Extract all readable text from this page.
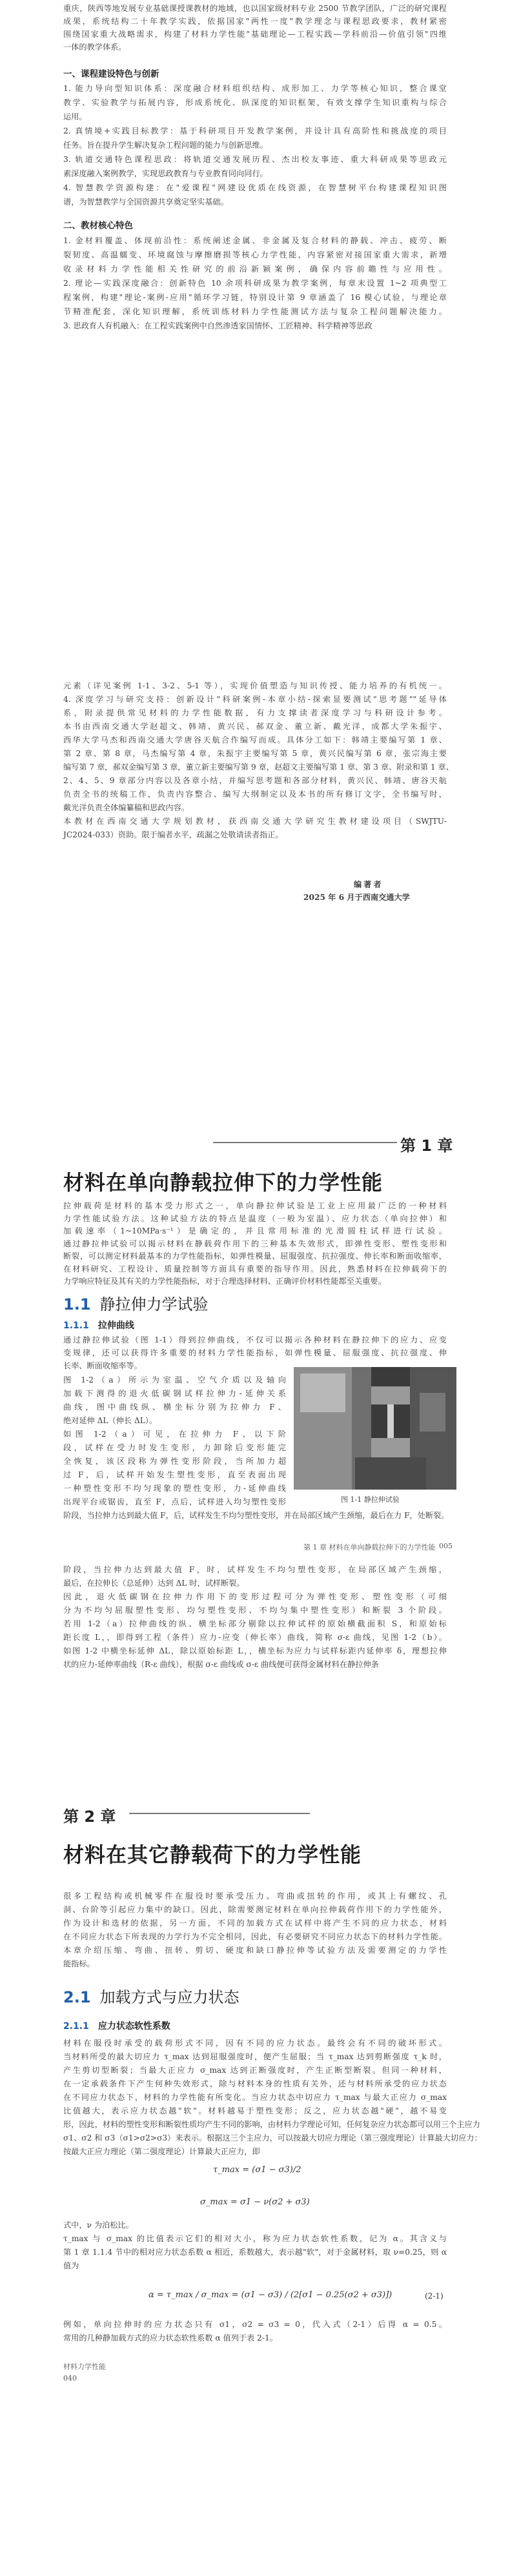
重庆，陕西等地发展专业基础课授课教材的地域，也以国家级材料专业 2500 节教学团队，广泛的研究课程
成果，系统结构二十年教学实践，依据国家"两性一度"教学理念与课程思政要求，教材紧密
围绕国家重大战略需求，构建了材料力学性能"基础理论—工程实践—学科前沿—价值引领"四维
一体的教学体系。
一、课程建设特色与创新
1. 能力导向型知识体系：深度融合材料组织结构、成形加工、力学等核心知识，整合课堂
教学、实验教学与拓展内容，形成系统化、纵深度的知识框架，有效支撑学生知识重构与综合
运用。
2. 真情境+实践目标教学：基于科研项目开发教学案例，并设计具有高阶性和挑战度的项目
任务。旨在提升学生解决复杂工程问题的能力与创新思维。
3. 轨道交通特色课程思政：将轨道交通发展历程、杰出校友事迹、重大科研成果等思政元
素深度融入案例教学，实现思政教育与专业教育同向同行。
4. 智慧教学资源构建：在"爱课程"网建设优质在线资源，在智慧树平台构建课程知识图
谱，为智慧教学与全国资源共享奠定坚实基础。
二、教材核心特色
1. 金材料覆盖、体现前沿性：系统阐述金属、非金属及复合材料的静载、冲击、疲劳、断
裂韧度、高温蠕变、环境腐蚀与摩擦磨损等核心力学性能，内容紧密对接国家重大需求，新增
收录材料力学性能相关性研究的前沿新颖案例，确保内容前瞻性与应用性。
2. 理论—实践深度融合：创新特色 10 余项科研成果为教学案例，每章末设置 1~2 项典型工
程案例，构建"理论-案例-应用"循环学习链，特别设计第 9 章涵盖了 16 模心试验，与理论章
节精准配套，深化知识理解，系统训练材料力学性能测试方法与复杂工程问题解决能力。
3. 思政育人有机融入：在工程实践案例中自然渗透家国情怀、工匠精神、科学精神等思政
元素（详见案例 1-1、3-2、5-1 等），实现价值塑造与知识传授、能力培养的有机统一。
4. 深度学习与研究支持：创新设计"科研案例-本章小结-探索显要测试"思考题""延导体
系，附录提供常见材料的力学性能数据，有力支撑读者深度学习与科研设计参考。
本书由西南交通大学赵超文、韩靖、黄兴民、郝双金、董立新、戴光洋，成都大学朱振宇、
西华大学马杰和西南交通大学唐谷天航合作编写而成。具体分工如下：韩靖主要编写第 1 章、
第 2 章、第 8 章，马杰编写第 4 章，朱振宇主要编写第 5 章，黄兴民编写第 6 章，张宗海主要
编写第 7 章，郝双金编写第 3 章，董立新主要编写第 9 章，赵超文主要编写第 1 章、第 3 章、附录和第 1 章、
2、4、5、9 章部分内容以及各章小结，并编写思考题和各部分材料，黄兴民、韩靖、唐谷天航
负责全书的统稿工作，负责内容整合、编写大纲制定以及本书的所有修订文字，全书编写时，
戴光洋负责全体编纂稿和思政内容。
本教材在西南交通大学规划教材，获西南交通大学研究生教材建设项目（SWJTU-
JC2024-033）资助。限于编者水平，疏漏之处敬请读者指正。
编著者
2025 年 6 月于西南交通大学
第 1 章
材料在单向静载拉伸下的力学性能
拉伸载荷是材料的基本受力形式之一，单向静拉伸试验是工业上应用最广泛的一种材料
力学性能试验方法。这种试验方法的特点是温度（一般为室温）、应力状态（单向拉伸）和
加载速率（1~10MPa·s⁻¹）是确定的，并且常用标准的光滑圆柱试样进行试验。
通过静拉伸试验可以揭示材料在静载荷作用下的三种基本失效形式，即弹性变形、塑性变形和
断裂，可以测定材料最基本的力学性能指标，如弹性模量、屈服强度、抗拉强度、伸长率和断面收缩率，
在材料研究、工程设计、质量控制等方面具有重要的指导作用。因此，熟悉材料在拉伸载荷下的
力学响应特征及其有关的力学性能指标，对于合理选择材料、正确评价材料性能都至关重要。
1.1 静拉伸力学试验
1.1.1 拉伸曲线
通过静拉伸试验（图 1-1）得到拉伸曲线，不仅可以揭示各种材料在静拉伸下的应力、应变
变规律，还可以获得许多重要的材料力学性能指标，如弹性模量、屈服强度、抗拉强度、伸
长率、断面收缩率等。
图 1-2（a）所示为室温、空气介质以及轴向
加载下测得的退火低碳钢试样拉伸力-延伸关系
曲线，图中曲线纵、横坐标分别为拉伸力 F、
绝对延伸 ΔL（伸长 ΔL）。
如图 1-2（a）可见，在拉伸力 F、以下阶
段，试样在受力时发生变形，力卸除后变形能完
全恢复，该区段称为弹性变形阶段，当所加力超
过 F，后，试样开始发生塑性变形，直至表面出现
一种塑性变形不均匀现象的塑性变形，力-延伸曲线
出现平台或锯齿，直至 F，点后，试样进入均匀塑性变形
阶段，当拉伸力达到最大值 F，后，试样发生不均匀塑性变形，并在局部区域产生颈缩，最后在力 F，处断裂。
图 1-1 静拉伸试验
第 1 章 材料在单向静载拉伸下的力学性能 005
阶段，当拉伸力达到最大值 F，时，试样发生不均匀塑性变形，在局部区域产生颈缩，
最后，在拉伸长（总延伸）达到 ΔL 时，试样断裂。
因此，退火低碳钢在拉伸力作用下的变形过程可分为弹性变形、塑性变形（可细
分为不均匀屈服塑性变形、均匀塑性变形、不均匀集中塑性变形）和断裂 3 个阶段。
若用 1-2（a）拉伸曲线的纵、横坐标部分剔除以拉伸试样的原始横截面积 S，和原始标
距长度 L，，即得到工程（条件）应力-应变（伸长率）曲线，简称 σ-ε 曲线，见图 1-2（b）。
如图 1-2 中横坐标延伸 ΔL，除以原始标距 L，，横坐标为应力与试样标距内延伸率 δ，理想拉伸
状的应力-延伸率曲线（R-ε 曲线），根据 σ-ε 曲线或 σ-ε 曲线便可获得金属材料在静拉伸条
第 2 章
材料在其它静载荷下的力学性能
很多工程结构或机械零件在服役时要承受压力、弯曲或扭转的作用，或其上有螺纹、孔
洞、台阶等引起应力集中的缺口。因此，除需要测定材料在单向拉伸载荷作用下的力学性能外，
作为设计和选材的依据，另一方面，不同的加载方式在试样中将产生不同的应力状态，材料
在不同应力状态下所表现的力学行为不完全相同，因此，有必要研究不同应力状态下的材料力学性能。
本章介绍压缩、弯曲、扭转、剪切、硬度和缺口静拉伸等试验方法及需要测定的力学性
能指标。
2.1 加载方式与应力状态
2.1.1 应力状态软性系数
材料在服役时承受的载荷形式不同，因有不同的应力状态。最终会有不同的破坏形式。
当材料所受的最大切应力 τ_max 达到屈服强度时，便产生屈服；当 τ_max 达到剪断强度 τ_k 时，
产生剪切型断裂；当最大正应力 σ_max 达到正断强度时，产生正断型断裂。但同一种材料，
在一定承载条件下产生何种失效形式，除与材料本身的性质有关外，还与材料所承受的应力状态
在不同应力状态下，材料的力学性能有所变化。当应力状态中切应力 τ_max 与最大正应力 σ_max
比值越大，表示应力状态越"软"。材料越易于塑性变形；反之，应力状态越"硬"，越不易变
形，因此，材料的塑性变形和断裂性质均产生不同的影响，由材料力学理论可知，任何复杂应力状态都可以用三个主应力
σ1、σ2 和 σ3（σ1>σ2>σ3）来表示。根据这三个主应力，可以按最大切应力理论（第三强度理论）计算最大切应力：
按最大正应力理论（第二强度理论）计算最大正应力，即
τ_max = (σ1 − σ3)/2
σ_max = σ1 − ν(σ2 + σ3)
式中，ν 为泊松比。
τ_max 与 σ_max 的比值表示它们的相对大小，称为应力状态软性系数，记为 α。其含义与
第 1 章 1.1.4 节中的相对应力状态系数 α 相近，系数越大，表示越"软"，对于金属材料，取 ν=0.25，则 α
值为
α = τ_max / σ_max = (σ1 − σ3) / (2[σ1 − 0.25(σ2 + σ3)])	(2-1)
例如，单向拉伸时的应力状态只有 σ1，σ2 = σ3 = 0，代入式（2-1）后得 α = 0.5。
常用的几种静加载方式的应力状态软性系数 α 值列于表 2-1。
材料力学性能
040
